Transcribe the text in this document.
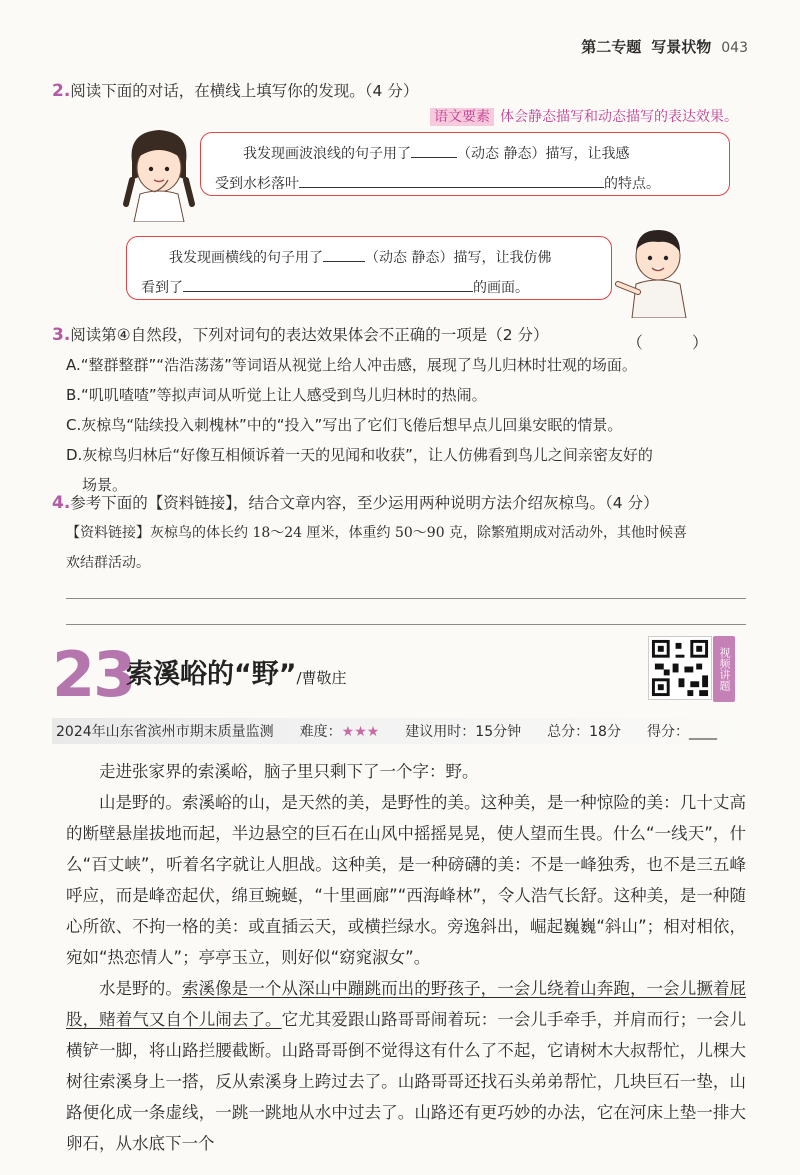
第二专题 写景状物 043
2.阅读下面的对话，在横线上填写你的发现。（4 分）
语文要素 体会静态描写和动态描写的表达效果。
我发现画波浪线的句子用了	（动态 静态）描写，让我感
受到水杉落叶	的特点。
我发现画横线的句子用了	（动态 静态）描写，让我仿佛
看到了	的画面。
3.阅读第④自然段，下列对词句的表达效果体会不正确的一项是（2 分）	（ ）
A.“整群整群”“浩浩荡荡”等词语从视觉上给人冲击感，展现了鸟儿归林时壮观的场面。
B.“叽叽喳喳”等拟声词从听觉上让人感受到鸟儿归林时的热闹。
C.灰椋鸟“陆续投入刺槐林”中的“投入”写出了它们飞倦后想早点儿回巢安眠的情景。
D.灰椋鸟归林后“好像互相倾诉着一天的见闻和收获”，让人仿佛看到鸟儿之间亲密友好的
场景。
4.参考下面的【资料链接】，结合文章内容，至少运用两种说明方法介绍灰椋鸟。（4 分）
【资料链接】灰椋鸟的体长约 18～24 厘米，体重约 50～90 克，除繁殖期成对活动外，其他时候喜
欢结群活动。
23
索溪峪的“野”/曹敬庄	视频讲题
2024年山东省滨州市期末质量监测 难度：★★★ 建议用时：15分钟 总分：18分 得分：____

走进张家界的索溪峪，脑子里只剩下了一个字：野。

山是野的。索溪峪的山，是天然的美，是野性的美。这种美，是一种惊险的美：几十丈高的断壁悬崖拔地而起，半边悬空的巨石在山风中摇摇晃晃，使人望而生畏。什么“一线天”，什么“百丈峡”，听着名字就让人胆战。这种美，是一种磅礴的美：不是一峰独秀，也不是三五峰呼应，而是峰峦起伏，绵亘蜿蜒，“十里画廊”“西海峰林”，令人浩气长舒。这种美，是一种随心所欲、不拘一格的美：或直插云天，或横拦绿水。旁逸斜出，崛起巍巍“斜山”；相对相依，宛如“热恋情人”；亭亭玉立，则好似“窈窕淑女”。

水是野的。索溪像是一个从深山中蹦跳而出的野孩子，一会儿绕着山奔跑，一会儿撅着屁股，赌着气又自个儿闹去了。它尤其爱跟山路哥哥闹着玩：一会儿手牵手，并肩而行；一会儿横铲一脚，将山路拦腰截断。山路哥哥倒不觉得这有什么了不起，它请树木大叔帮忙，儿棵大树往索溪身上一搭，反从索溪身上跨过去了。山路哥哥还找石头弟弟帮忙，几块巨石一垫，山路便化成一条虚线，一跳一跳地从水中过去了。山路还有更巧妙的办法，它在河床上垫一排大卵石，从水底下一个
